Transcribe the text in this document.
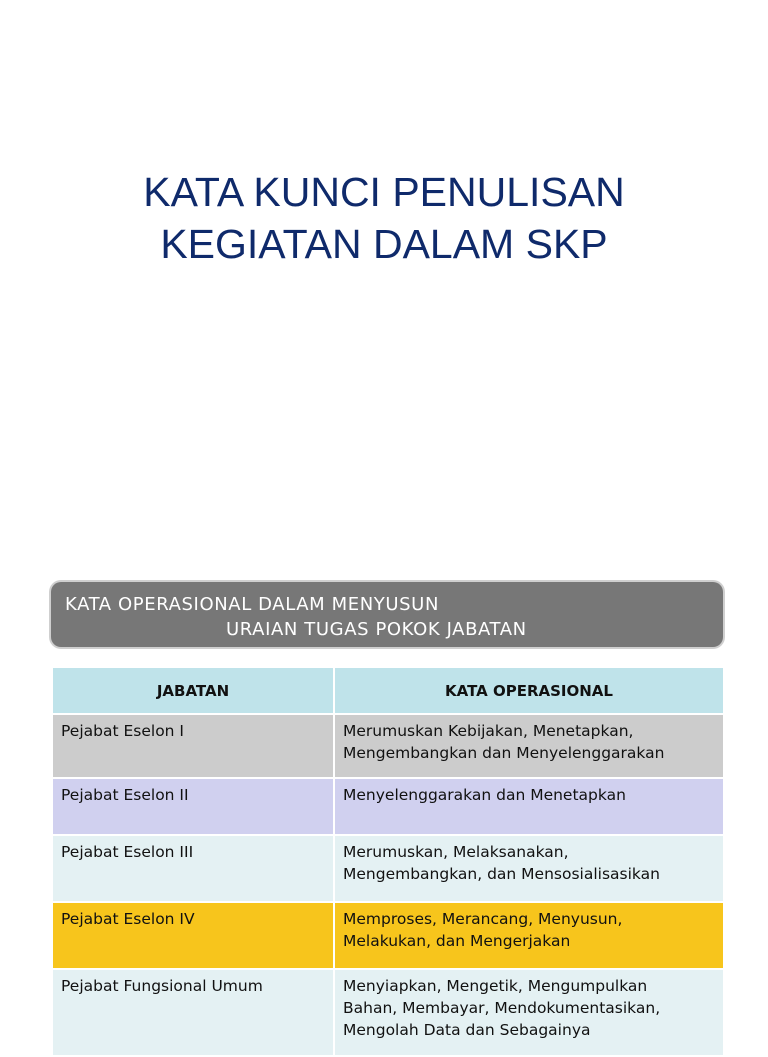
KATA KUNCI PENULISAN
KEGIATAN DALAM SKP
KATA OPERASIONAL DALAM MENYUSUN
URAIAN TUGAS POKOK JABATAN
JABATAN	KATA OPERASIONAL
Pejabat Eselon I	Merumuskan Kebijakan, Menetapkan,
Mengembangkan dan Menyelenggarakan

Pejabat Eselon II	Menyelenggarakan dan Menetapkan

Pejabat Eselon III	Merumuskan, Melaksanakan,
Mengembangkan, dan Mensosialisasikan

Pejabat Eselon IV	Memproses, Merancang, Menyusun,
Melakukan, dan Mengerjakan

Pejabat Fungsional Umum	Menyiapkan, Mengetik, Mengumpulkan
Bahan, Membayar, Mendokumentasikan,
Mengolah Data dan Sebagainya
